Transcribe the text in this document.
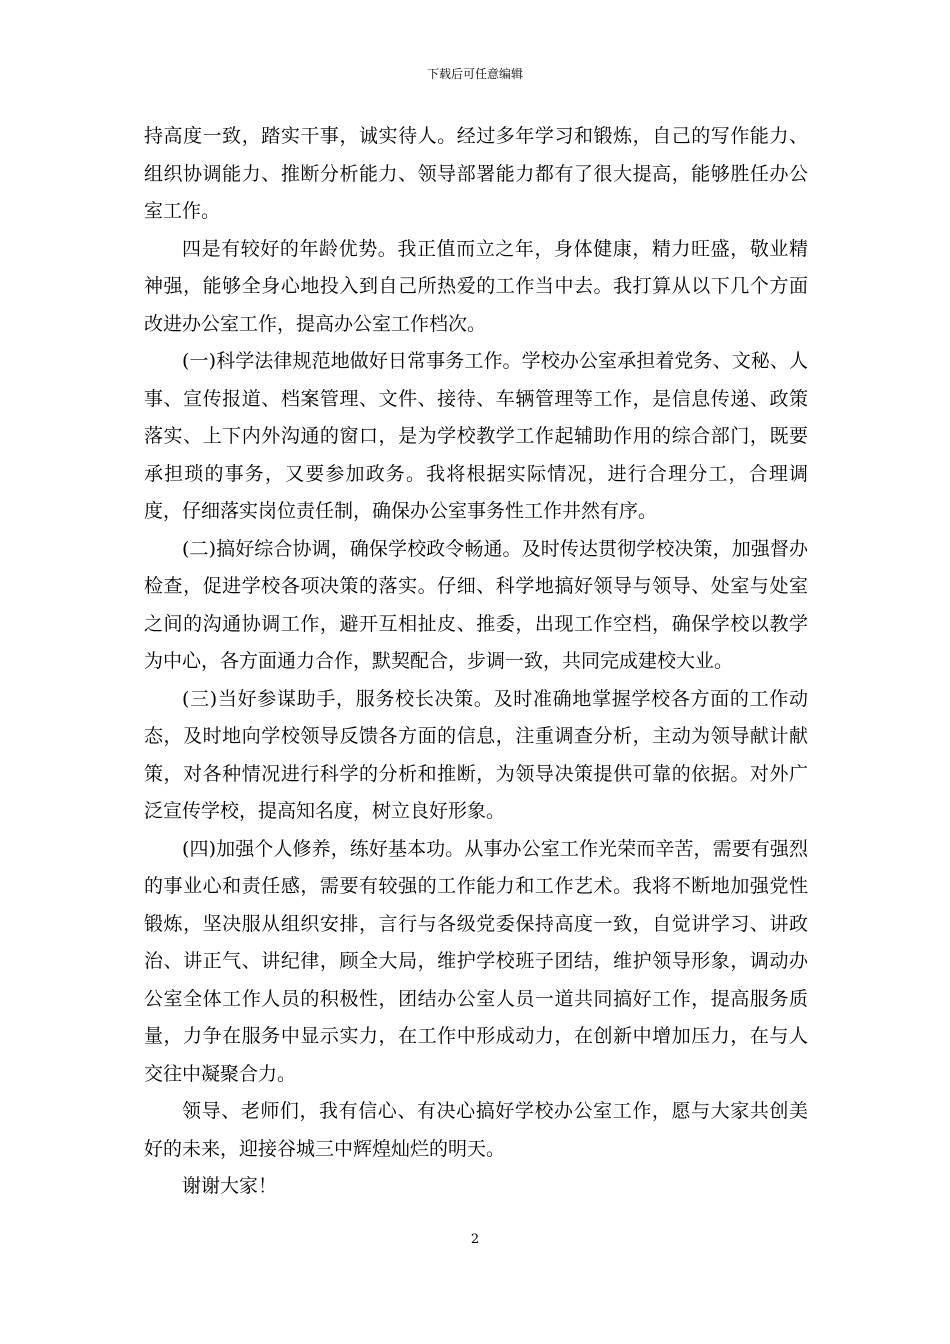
下载后可任意编辑

持高度一致，踏实干事，诚实待人。经过多年学习和锻炼，自己的写作能力、组织协调能力、推断分析能力、领导部署能力都有了很大提高，能够胜任办公室工作。

四是有较好的年龄优势。我正值而立之年，身体健康，精力旺盛，敬业精神强，能够全身心地投入到自己所热爱的工作当中去。我打算从以下几个方面改进办公室工作，提高办公室工作档次。

(一)科学法律规范地做好日常事务工作。学校办公室承担着党务、文秘、人事、宣传报道、档案管理、文件、接待、车辆管理等工作，是信息传递、政策落实、上下内外沟通的窗口，是为学校教学工作起辅助作用的综合部门，既要承担琐的事务，又要参加政务。我将根据实际情况，进行合理分工，合理调度，仔细落实岗位责任制，确保办公室事务性工作井然有序。

(二)搞好综合协调，确保学校政令畅通。及时传达贯彻学校决策，加强督办检查，促进学校各项决策的落实。仔细、科学地搞好领导与领导、处室与处室之间的沟通协调工作，避开互相扯皮、推委，出现工作空档，确保学校以教学为中心，各方面通力合作，默契配合，步调一致，共同完成建校大业。

(三)当好参谋助手，服务校长决策。及时准确地掌握学校各方面的工作动态，及时地向学校领导反馈各方面的信息，注重调查分析，主动为领导献计献策，对各种情况进行科学的分析和推断，为领导决策提供可靠的依据。对外广泛宣传学校，提高知名度，树立良好形象。

(四)加强个人修养，练好基本功。从事办公室工作光荣而辛苦，需要有强烈的事业心和责任感，需要有较强的工作能力和工作艺术。我将不断地加强党性锻炼，坚决服从组织安排，言行与各级党委保持高度一致，自觉讲学习、讲政治、讲正气、讲纪律，顾全大局，维护学校班子团结，维护领导形象，调动办公室全体工作人员的积极性，团结办公室人员一道共同搞好工作，提高服务质量，力争在服务中显示实力，在工作中形成动力，在创新中增加压力，在与人交往中凝聚合力。

领导、老师们，我有信心、有决心搞好学校办公室工作，愿与大家共创美好的未来，迎接谷城三中辉煌灿烂的明天。

谢谢大家！

2
